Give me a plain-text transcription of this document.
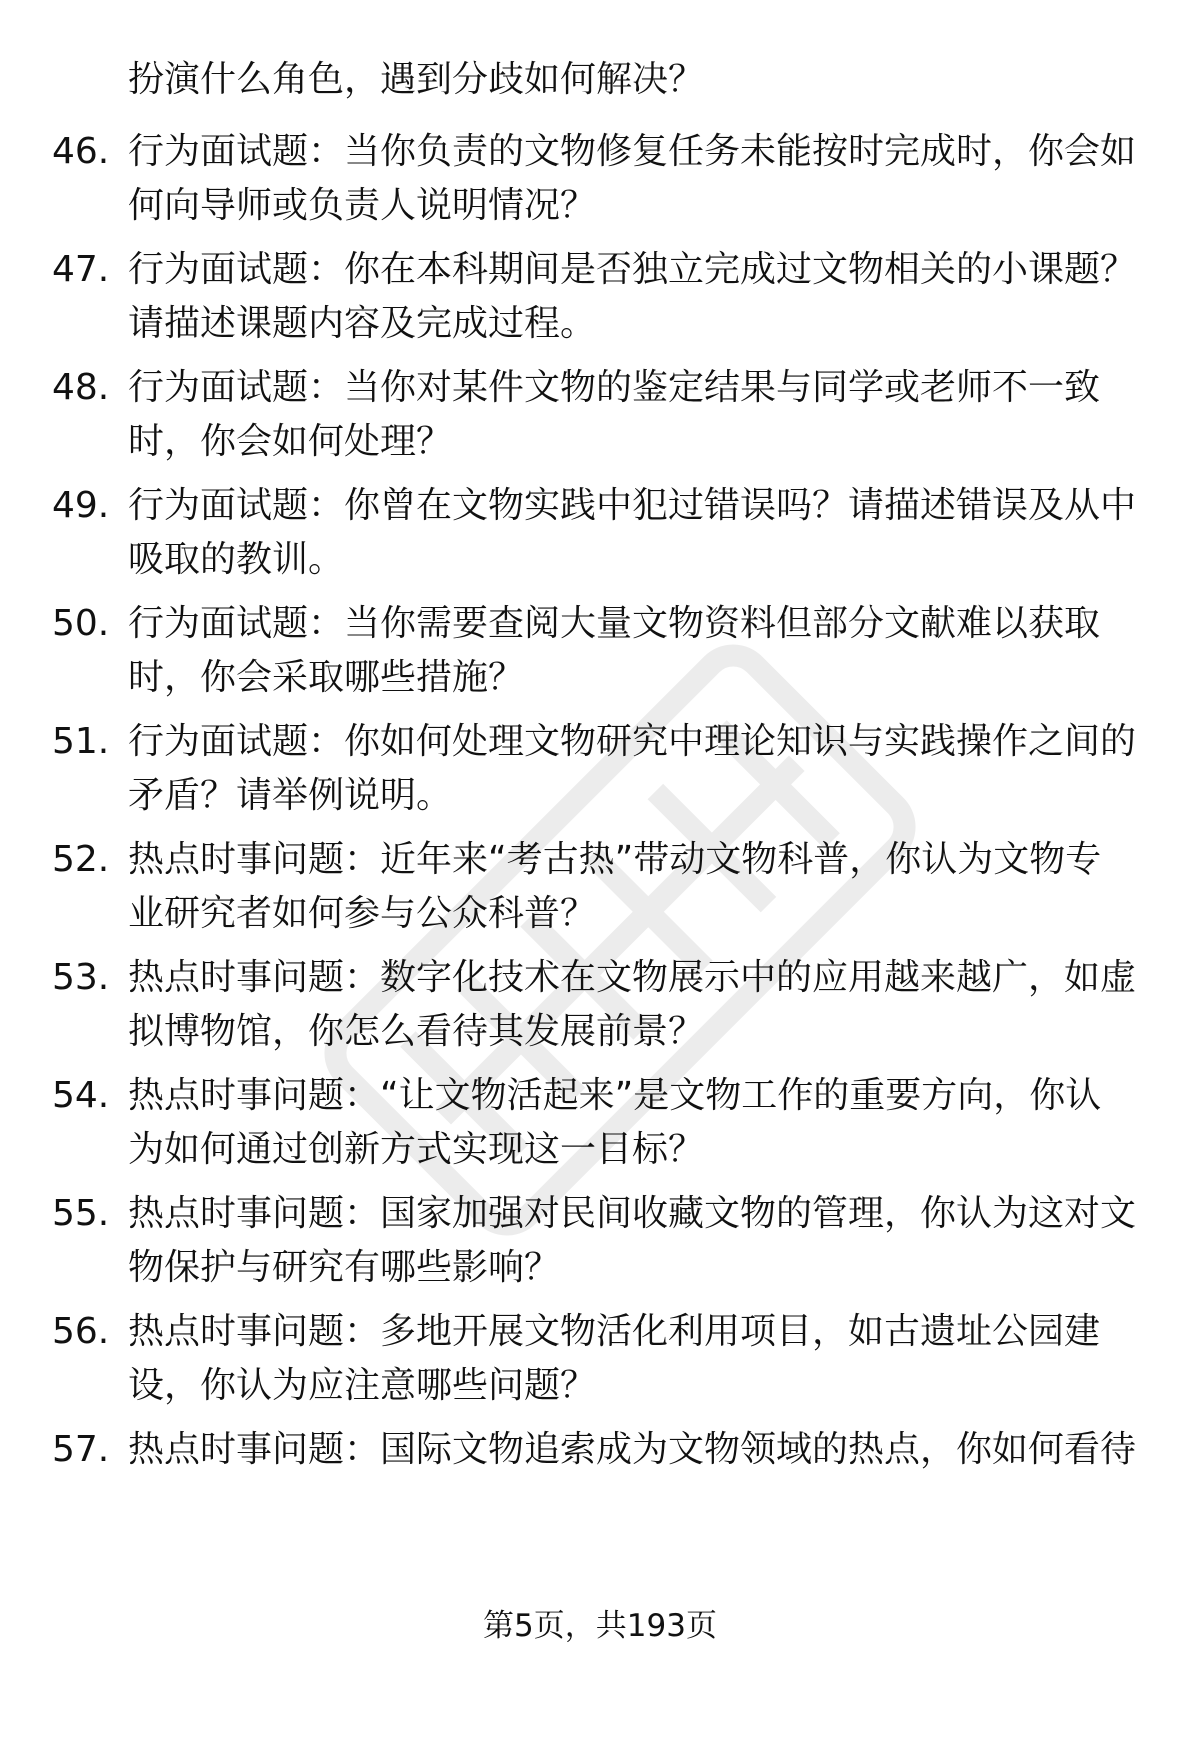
扮演什么角色，遇到分歧如何解决？
46. 行为面试题：当你负责的文物修复任务未能按时完成时，你会如
何向导师或负责人说明情况？
47. 行为面试题：你在本科期间是否独立完成过文物相关的小课题？
请描述课题内容及完成过程。
48. 行为面试题：当你对某件文物的鉴定结果与同学或老师不一致
时，你会如何处理？
49. 行为面试题：你曾在文物实践中犯过错误吗？请描述错误及从中
吸取的教训。
50. 行为面试题：当你需要查阅大量文物资料但部分文献难以获取
时，你会采取哪些措施？
51. 行为面试题：你如何处理文物研究中理论知识与实践操作之间的
矛盾？请举例说明。
52. 热点时事问题：近年来“考古热”带动文物科普，你认为文物专
业研究者如何参与公众科普？
53. 热点时事问题：数字化技术在文物展示中的应用越来越广，如虚
拟博物馆，你怎么看待其发展前景？
54. 热点时事问题：“让文物活起来”是文物工作的重要方向，你认
为如何通过创新方式实现这一目标？
55. 热点时事问题：国家加强对民间收藏文物的管理，你认为这对文
物保护与研究有哪些影响？
56. 热点时事问题：多地开展文物活化利用项目，如古遗址公园建
设，你认为应注意哪些问题？
57. 热点时事问题：国际文物追索成为文物领域的热点，你如何看待
第5页，共193页
